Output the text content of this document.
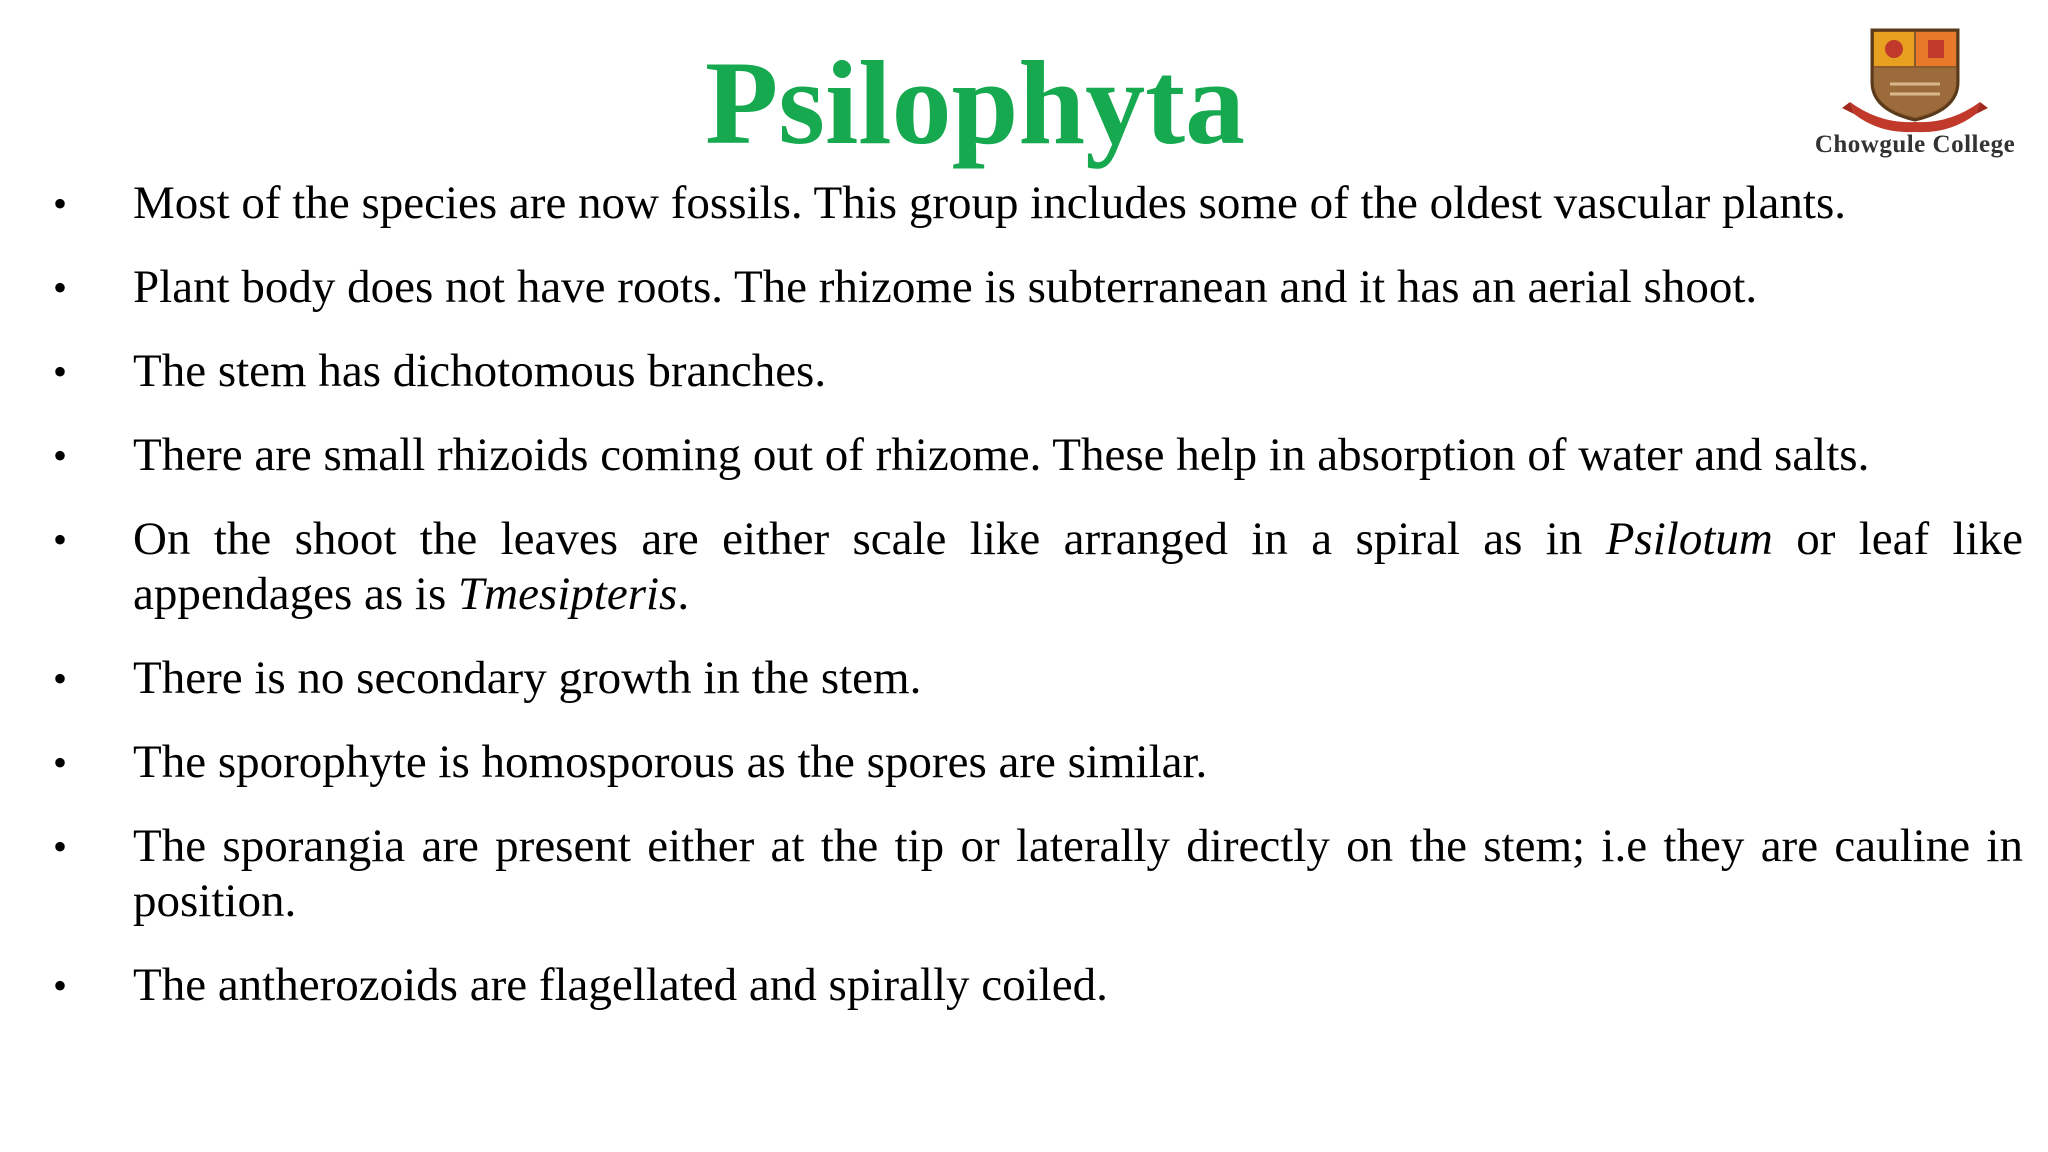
Psilophyta	Chowgule College
• Most of the species are now fossils. This group includes some of the oldest vascular plants.
• Plant body does not have roots. The rhizome is subterranean and it has an aerial shoot.
• The stem has dichotomous branches.
• There are small rhizoids coming out of rhizome. These help in absorption of water and salts.
• On the shoot the leaves are either scale like arranged in a spiral as in Psilotum or leaf like appendages as is Tmesipteris.
• There is no secondary growth in the stem.
• The sporophyte is homosporous as the spores are similar.
• The sporangia are present either at the tip or laterally directly on the stem; i.e they are cauline in position.
• The antherozoids are flagellated and spirally coiled.
